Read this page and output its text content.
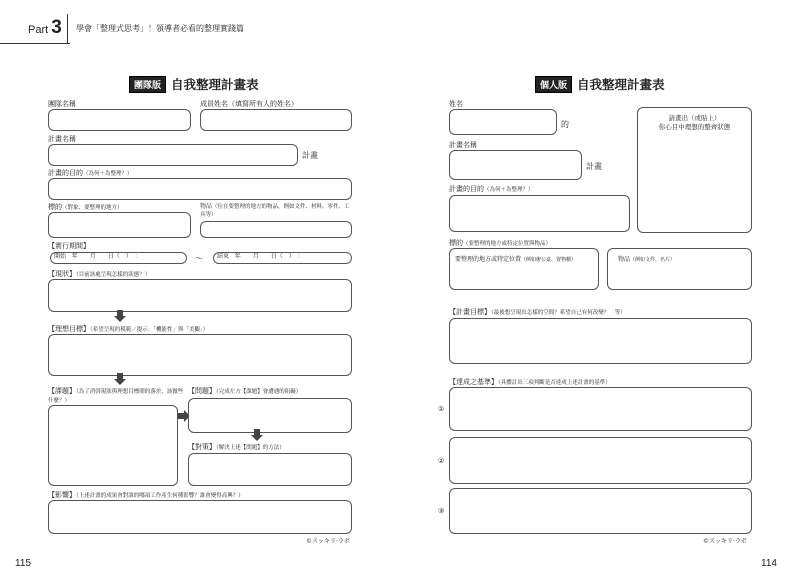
Part 3 學會「整理式思考」！領導者必看的整理實踐篇
團隊版 自我整理計畫表
團隊名稱	成員姓名（填寫所有人的姓名）
計畫名稱
計畫
計畫的目的（為何＋為整理？）
標的（對象、要整理的地方）	物品（位在要整理的地方的物品，例如文件、材料、零件、工具等）
【實行期間】
開始 年　　月　　日（　）　：	〜	結束 年　　月　　日（　）　：
【現狀】（目前該處呈現怎樣的狀態？）
【理想目標】（希望呈現的模範／提示：「機能性」與「美觀」）
【課題】（為了消弭現狀與理想目標間的落差，該做些什麼？）
【問題】（完成左方【課題】會遭遇的阻礙）
【對策】（解決上述【問題】的方法）
【影響】（上述計畫的成果會對誰的哪項工作產生何種影響？誰會變得高興？）
©スッキリ·ラボ
115
個人版 自我整理計畫表
姓名
的
請畫出（或貼上）
你心目中理想的整齊狀態
計畫名稱
計畫
計畫的目的（為何＋為整理？）
標的（要整理的地方或特定位置與物品）
要整理的地方或特定位置（例如辦公桌、置物櫃）	物品（例如文件、名片）
【計畫目標】（最後想呈現出怎樣的空間？希望自己有何改變？　等）
【達成之基準】（具體訂出三項判斷是否達成上述計畫的基準）
①
②
③
©スッキリ·ラボ
114
